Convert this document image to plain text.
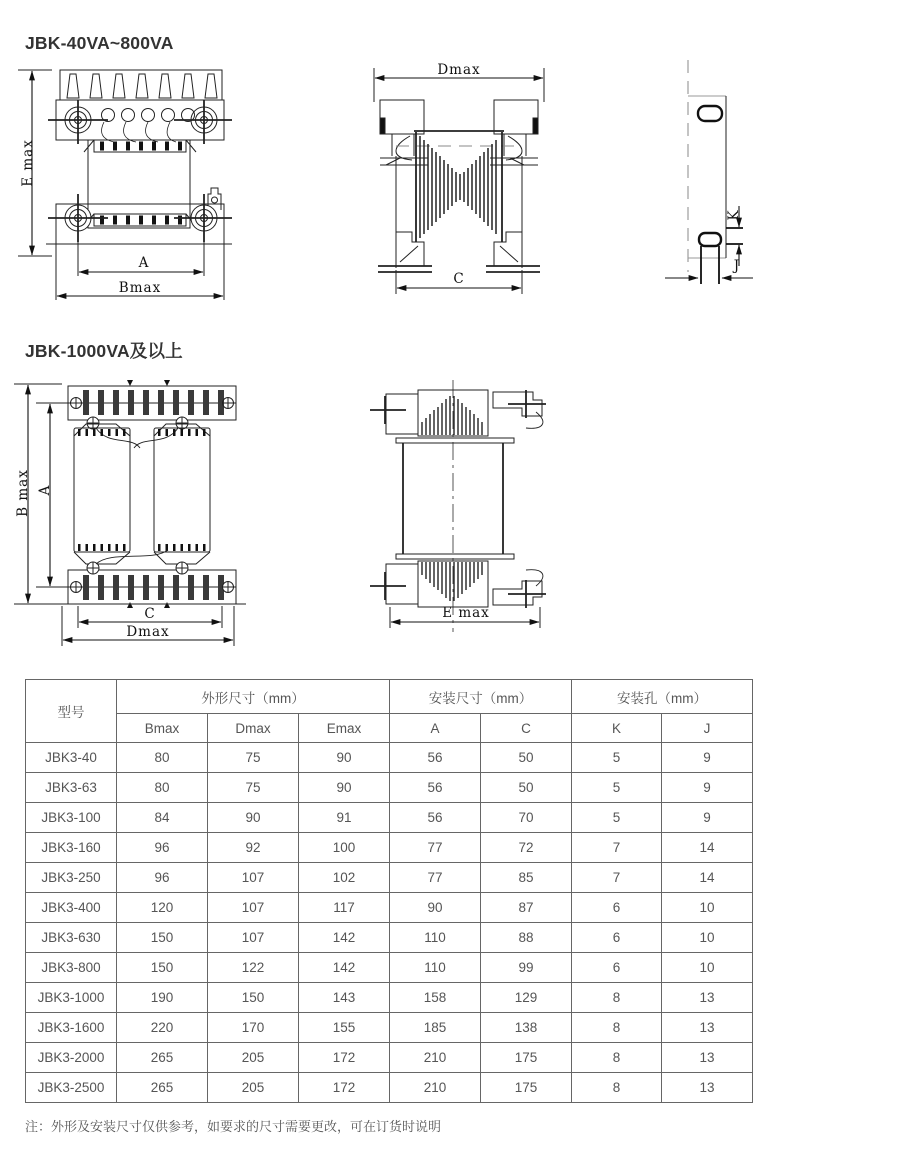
JBK-40VA~800VA
E max
A
Bmax
Dmax
C
K
J
JBK-1000VA及以上
B max A
C
Dmax
E max
型号	外形尺寸（mm）			安装尺寸（mm）		安装孔（mm）	
	Bmax	Dmax	Emax	A	C	K	J
JBK3-40	80	75	90	56	50	5	9
JBK3-63	80	75	90	56	50	5	9
JBK3-100	84	90	91	56	70	5	9
JBK3-160	96	92	100	77	72	7	14
JBK3-250	96	107	102	77	85	7	14
JBK3-400	120	107	117	90	87	6	10
JBK3-630	150	107	142	110	88	6	10
JBK3-800	150	122	142	110	99	6	10
JBK3-1000	190	150	143	158	129	8	13
JBK3-1600	220	170	155	185	138	8	13
JBK3-2000	265	205	172	210	175	8	13
JBK3-2500	265	205	172	210	175	8	13
注：外形及安装尺寸仅供参考，如要求的尺寸需要更改，可在订货时说明
